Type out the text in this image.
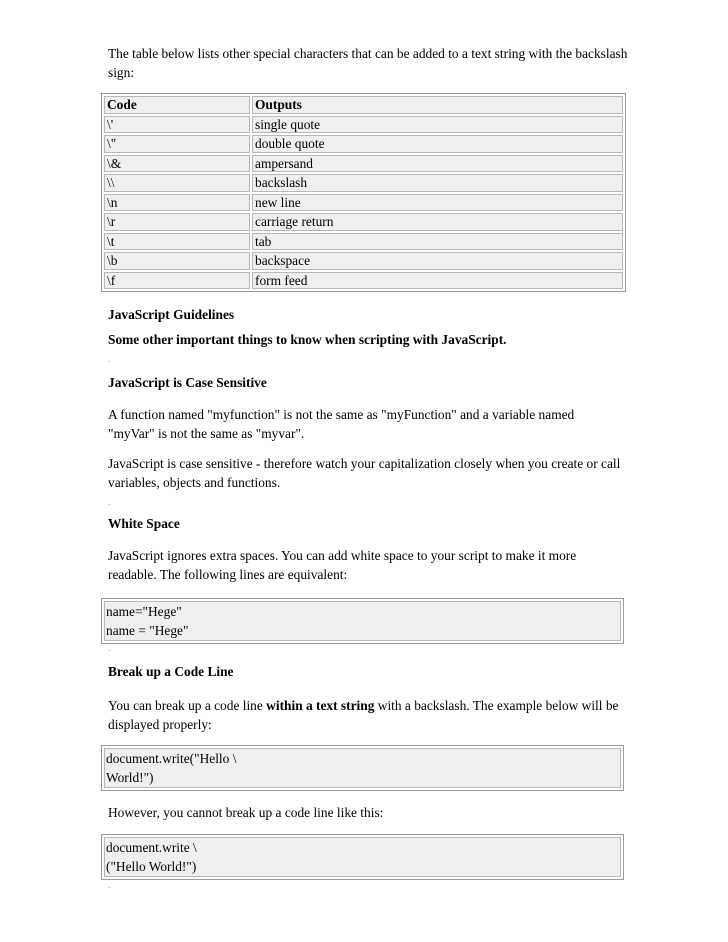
The table below lists other special characters that can be added to a text string with the backslash sign:
Code	Outputs
\'	single quote
\"	double quote
\&	ampersand
\\	backslash
\n	new line
\r	carriage return
\t	tab
\b	backspace
\f	form feed
JavaScript Guidelines
Some other important things to know when scripting with JavaScript.
JavaScript is Case Sensitive
A function named "myfunction" is not the same as "myFunction" and a variable named "myVar" is not the same as "myvar".
JavaScript is case sensitive - therefore watch your capitalization closely when you create or call variables, objects and functions.
White Space
JavaScript ignores extra spaces. You can add white space to your script to make it more readable. The following lines are equivalent:
name="Hege"
name = "Hege"
Break up a Code Line
You can break up a code line within a text string with a backslash. The example below will be displayed properly:
document.write("Hello \
World!")
However, you cannot break up a code line like this:
document.write \
("Hello World!")
